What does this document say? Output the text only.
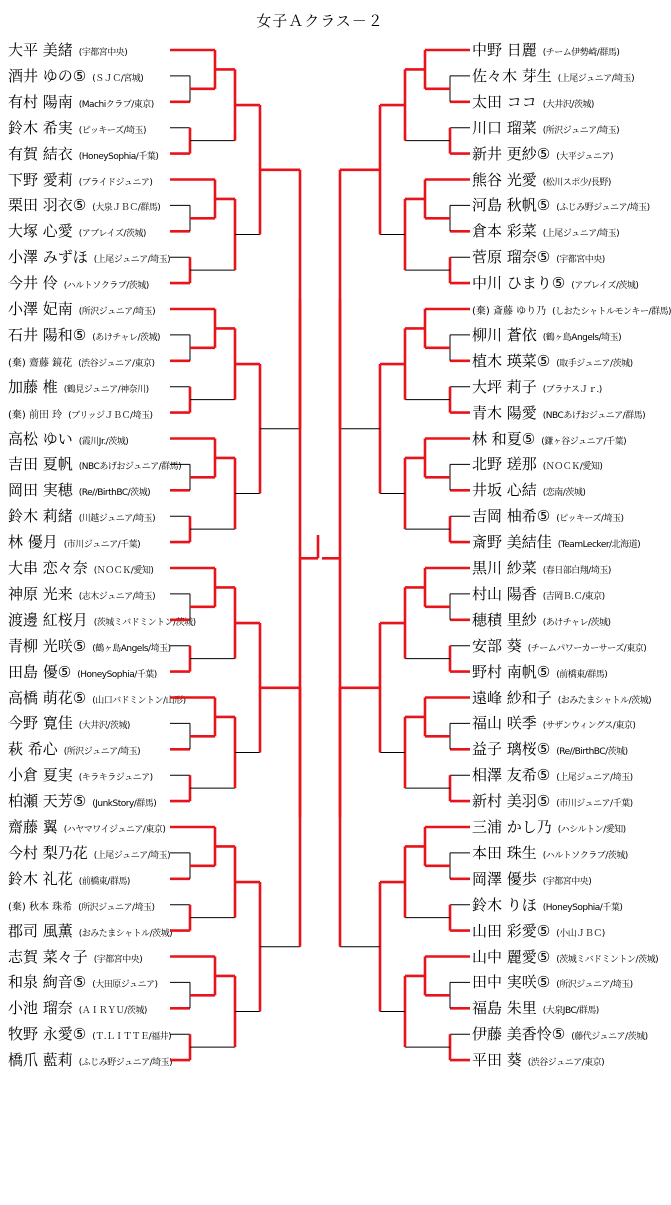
女子Ａクラス－２
大平 美緒 (宇都宮中央)
酒井 ゆの⑤ (ＳＪＣ/宮城)
有村 陽南 (Machiクラブ/東京)
鈴木 希実 (ピッキーズ/埼玉)
有賀 結衣 (HoneySophia/千葉)
下野 愛莉 (ブライドジュニア)
栗田 羽衣⑤ (大泉ＪＢＣ/群馬)
大塚 心愛 (アブレイズ/茨城)
小澤 みずほ (上尾ジュニア/埼玉)
今井 伶 (ハルトソクラブ/茨城)
小澤 妃南 (所沢ジュニア/埼玉)
石井 陽和⑤ (あけチャレ/茨城)
(棄) 齋藤 鏡花 (渋谷ジュニア/東京)
加藤 椎 (鶴見ジュニア/神奈川)
(棄) 前田 玲 (ブリッジＪＢＣ/埼玉)
高松 ゆい (霞川Jr./茨城)
吉田 夏帆 (NBCあげおジュニア/群馬)
岡田 実穂 (Re//BirthBC/茨城)
鈴木 莉緒 (川越ジュニア/埼玉)
林 優月 (市川ジュニア/千葉)
大串 恋々奈 (ＮＯＣＫ/愛知)
神原 光来 (志木ジュニア/埼玉)
渡邊 紅桜月 (茨城ミバドミントン/茨城)
青柳 光咲⑤ (鶴ヶ島Angels/埼玉)
田島 優⑤ (HoneySophia/千葉)
高橋 萌花⑤ (山口バドミントン/山形)
今野 寛佳 (大井沢/茨城)
萩 希心 (所沢ジュニア/埼玉)
小倉 夏実 (キラキラジュニア)
柏瀬 天芳⑤ (JunkStory/群馬)
齋藤 翼 (ハヤマワイジュニア/東京)
今村 梨乃花 (上尾ジュニア/埼玉)
鈴木 礼花 (前橋東/群馬)
(棄) 秋本 珠希 (所沢ジュニア/埼玉)
郡司 風薫 (おみたまシャトル/茨城)
志賀 菜々子 (宇都宮中央)
和泉 絢音⑤ (大田原ジュニア)
小池 瑠奈 (ＡＩＲＹＵ/茨城)
牧野 永愛⑤ (Ｔ.ＬＩＴＴＥ/福井)
橋爪 藍莉 (ふじみ野ジュニア/埼玉)
中野 日麗 (チーム伊勢崎/群馬)
佐々木 芽生 (上尾ジュニア/埼玉)
太田 ココ (大井沢/茨城)
川口 瑠菜 (所沢ジュニア/埼玉)
新井 更紗⑤ (大平ジュニア)
熊谷 光愛 (松川スポ少/長野)
河島 秋帆⑤ (ふじみ野ジュニア/埼玉)
倉本 彩菜 (上尾ジュニア/埼玉)
菅原 瑠奈⑤ (宇都宮中央)
中川 ひまり⑤ (アブレイズ/茨城)
(棄) 斎藤 ゆり乃 (しおたシャトルモンキー/群馬)
柳川 蒼依 (鶴ヶ島Angels/埼玉)
植木 瑛菜⑤ (取手ジュニア/茨城)
大坪 莉子 (ブラナスＪｒ.)
青木 陽愛 (NBCあげおジュニア/群馬)
林 和夏⑤ (鎌ヶ谷ジュニア/千葉)
北野 瑳那 (ＮＯＣＫ/愛知)
井坂 心結 (恋南/茨城)
吉岡 柚希⑤ (ピッキーズ/埼玉)
斎野 美結佳 (TeamLecker/北海道)
黒川 紗菜 (春日部白翔/埼玉)
村山 陽香 (吉岡Ｂ.Ｃ/東京)
穂積 里紗 (あけチャレ/茨城)
安部 葵 (チームパワーカーサーズ/東京)
野村 南帆⑤ (前橋東/群馬)
遠峰 紗和子 (おみたまシャトル/茨城)
福山 咲季 (サザンウィングス/東京)
益子 璃桜⑤ (Re//BirthBC/茨城)
相澤 友希⑤ (上尾ジュニア/埼玉)
新村 美羽⑤ (市川ジュニア/千葉)
三浦 かし乃 (ハシルトン/愛知)
本田 珠生 (ハルトソクラブ/茨城)
岡澤 優歩 (宇都宮中央)
鈴木 りほ (HoneySophia/千葉)
山田 彩愛⑤ (小山ＪＢＣ)
山中 麗愛⑤ (茨城ミバドミントン/茨城)
田中 実咲⑤ (所沢ジュニア/埼玉)
福島 朱里 (大泉JBC/群馬)
伊藤 美香怜⑤ (藤代ジュニア/茨城)
平田 葵 (渋谷ジュニア/東京)
